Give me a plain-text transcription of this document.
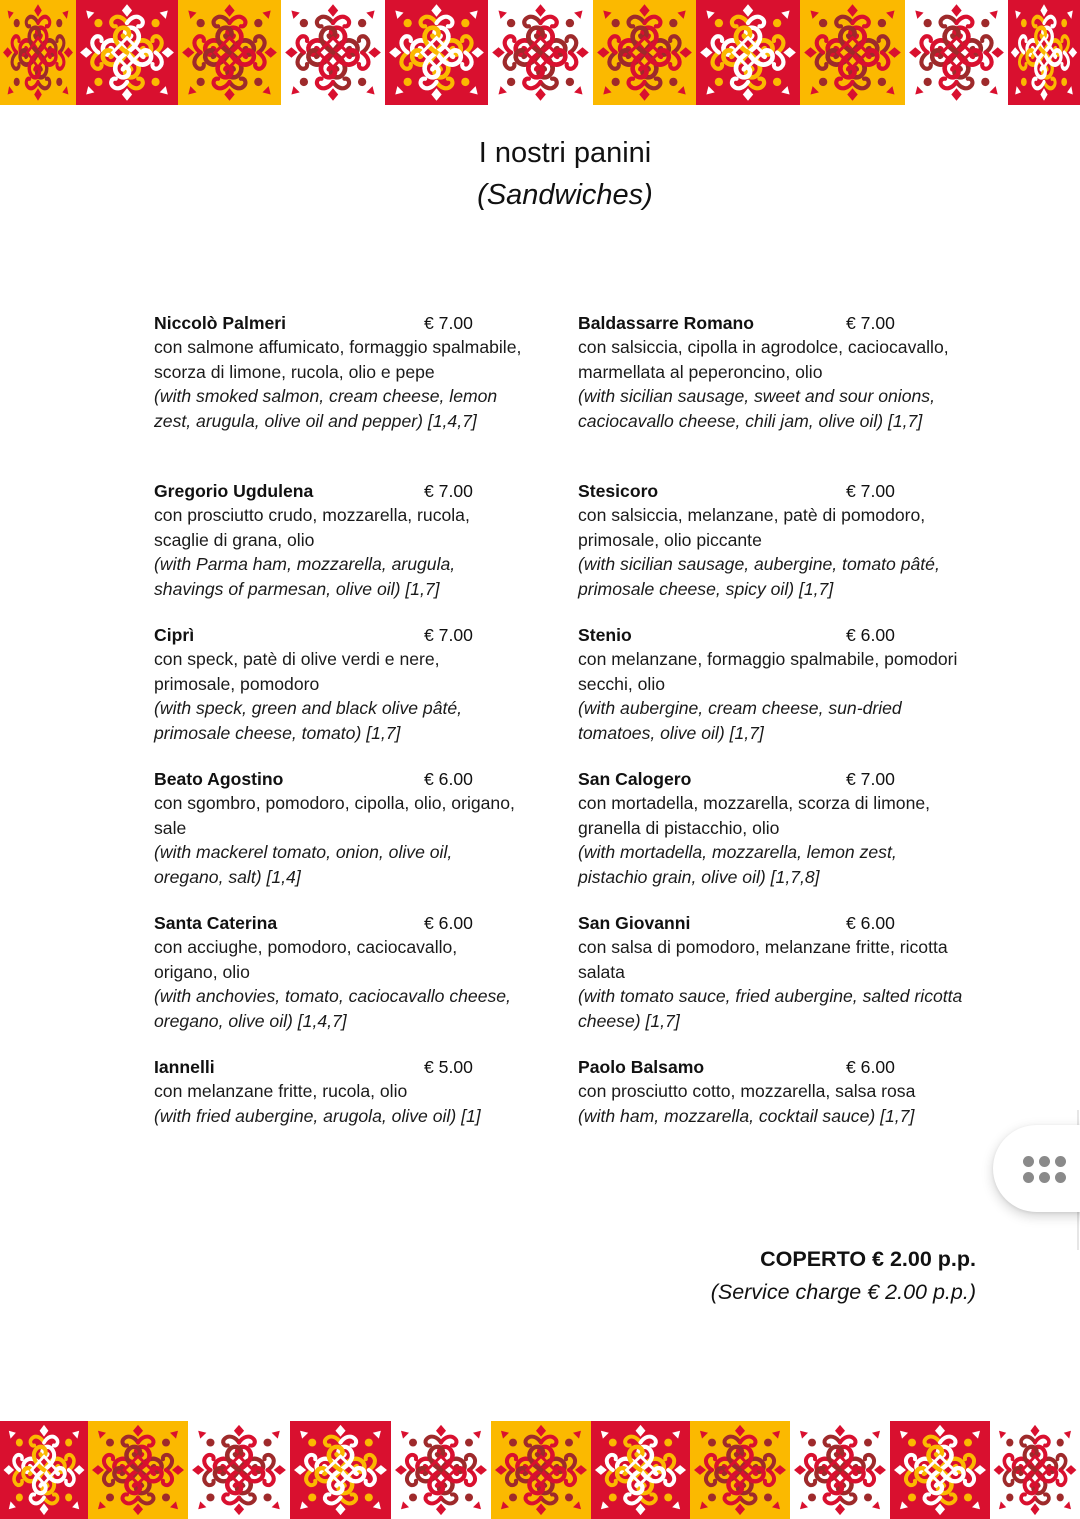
I nostri panini
(Sandwiches)
Niccolò Palmeri	€ 7.00
con salmone affumicato, formaggio spalmabile, scorza di limone, rucola, olio e pepe
(with smoked salmon, cream cheese, lemon zest, arugula, olive oil and pepper) [1,4,7]
Gregorio Ugdulena	€ 7.00
con prosciutto crudo, mozzarella, rucola, scaglie di grana, olio
(with Parma ham, mozzarella, arugula, shavings of parmesan, olive oil) [1,7]
Ciprì	€ 7.00
con speck, patè di olive verdi e nere, primosale, pomodoro
(with speck, green and black olive pâté, primosale cheese, tomato) [1,7]
Beato Agostino	€ 6.00
con sgombro, pomodoro, cipolla, olio, origano, sale
(with mackerel tomato, onion, olive oil, oregano, salt) [1,4]
Santa Caterina	€ 6.00
con acciughe, pomodoro, caciocavallo, origano, olio
(with anchovies, tomato, caciocavallo cheese, oregano, olive oil) [1,4,7]
Iannelli	€ 5.00
con melanzane fritte, rucola, olio
(with fried aubergine, arugola, olive oil) [1]
Baldassarre Romano	€ 7.00
con salsiccia, cipolla in agrodolce, caciocavallo, marmellata al peperoncino, olio
(with sicilian sausage, sweet and sour onions, caciocavallo cheese, chili jam, olive oil) [1,7]
Stesicoro	€ 7.00
con salsiccia, melanzane, patè di pomodoro, primosale, olio piccante
(with sicilian sausage, aubergine, tomato pâté, primosale cheese, spicy oil) [1,7]
Stenio	€ 6.00
con melanzane, formaggio spalmabile, pomodori secchi, olio
(with aubergine, cream cheese, sun-dried tomatoes, olive oil) [1,7]
San Calogero	€ 7.00
con mortadella, mozzarella, scorza di limone, granella di pistacchio, olio
(with mortadella, mozzarella, lemon zest, pistachio grain, olive oil) [1,7,8]
San Giovanni	€ 6.00
con salsa di pomodoro, melanzane fritte, ricotta salata
(with tomato sauce, fried aubergine, salted ricotta cheese) [1,7]
Paolo Balsamo	€ 6.00
con prosciutto cotto, mozzarella, salsa rosa
(with ham, mozzarella, cocktail sauce) [1,7]
COPERTO € 2.00 p.p.
(Service charge € 2.00 p.p.)
